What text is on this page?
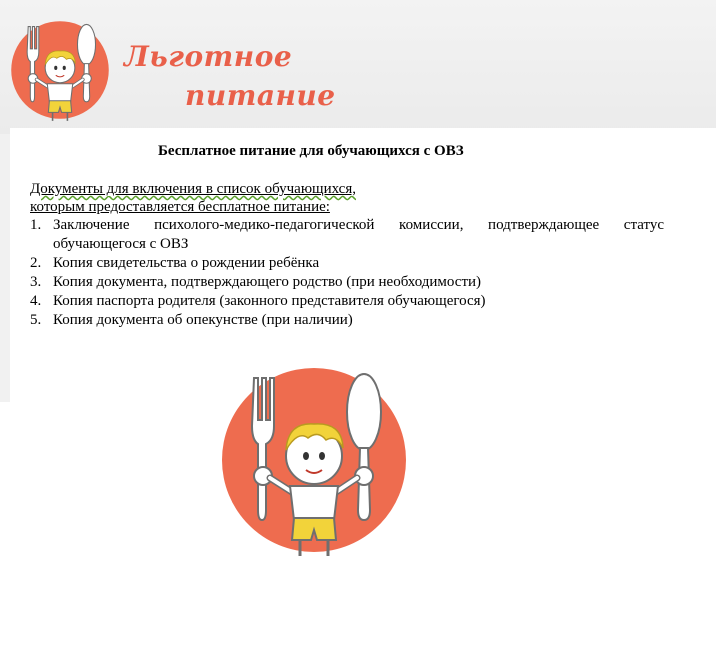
Льготное
питание
Бесплатное питание для обучающихся с ОВЗ
Документы для включения в список обучающихся,
которым предоставляется бесплатное питание:
1. Заключение психолого-медико-педагогической комиссии, подтверждающее статус обучающегося с ОВЗ
2. Копия свидетельства о рождении ребёнка
3. Копия документа, подтверждающего родство (при необходимости)
4. Копия паспорта родителя (законного представителя обучающегося)
5. Копия документа об опекунстве (при наличии)
